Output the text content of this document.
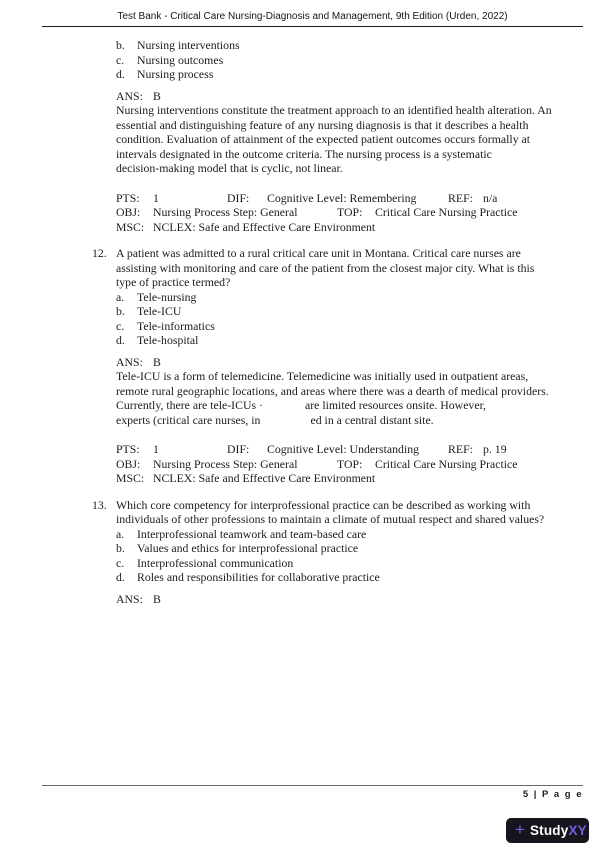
Test Bank - Critical Care Nursing-Diagnosis and Management, 9th Edition (Urden, 2022)
b.	Nursing interventions
c.	Nursing outcomes
d.	Nursing process
ANS: B
Nursing interventions constitute the treatment approach to an identified health alteration. An
essential and distinguishing feature of any nursing diagnosis is that it describes a health
condition. Evaluation of attainment of the expected patient outcomes occurs formally at
intervals designated in the outcome criteria. The nursing process is a systematic
decision-making model that is cyclic, not linear.
PTS: 1	DIF: Cognitive Level: Remembering	REF: n/a
OBJ: Nursing Process Step: General	TOP: Critical Care Nursing Practice
MSC: NCLEX: Safe and Effective Care Environment
12. A patient was admitted to a rural critical care unit in Montana. Critical care nurses are
assisting with monitoring and care of the patient from the closest major city. What is this
type of practice termed?
a.	Tele-nursing
b.	Tele-ICU
c.	Tele-informatics
d.	Tele-hospital
ANS: B
Tele-ICU is a form of telemedicine. Telemedicine was initially used in outpatient areas,
remote rural geographic locations, and areas where there was a dearth of medical providers.
Currently, there are tele-ICUs ·	are limited resources onsite. However,
experts (critical care nurses, in	ed in a central distant site.
PTS: 1	DIF: Cognitive Level: Understanding REF: p. 19
OBJ: Nursing Process Step: General	TOP: Critical Care Nursing Practice
MSC: NCLEX: Safe and Effective Care Environment
13. Which core competency for interprofessional practice can be described as working with
individuals of other professions to maintain a climate of mutual respect and shared values?
a.	Interprofessional teamwork and team-based care
b.	Values and ethics for interprofessional practice
c.	Interprofessional communication
d.	Roles and responsibilities for collaborative practice
ANS: B
5 | P a g e
+ StudyXY
